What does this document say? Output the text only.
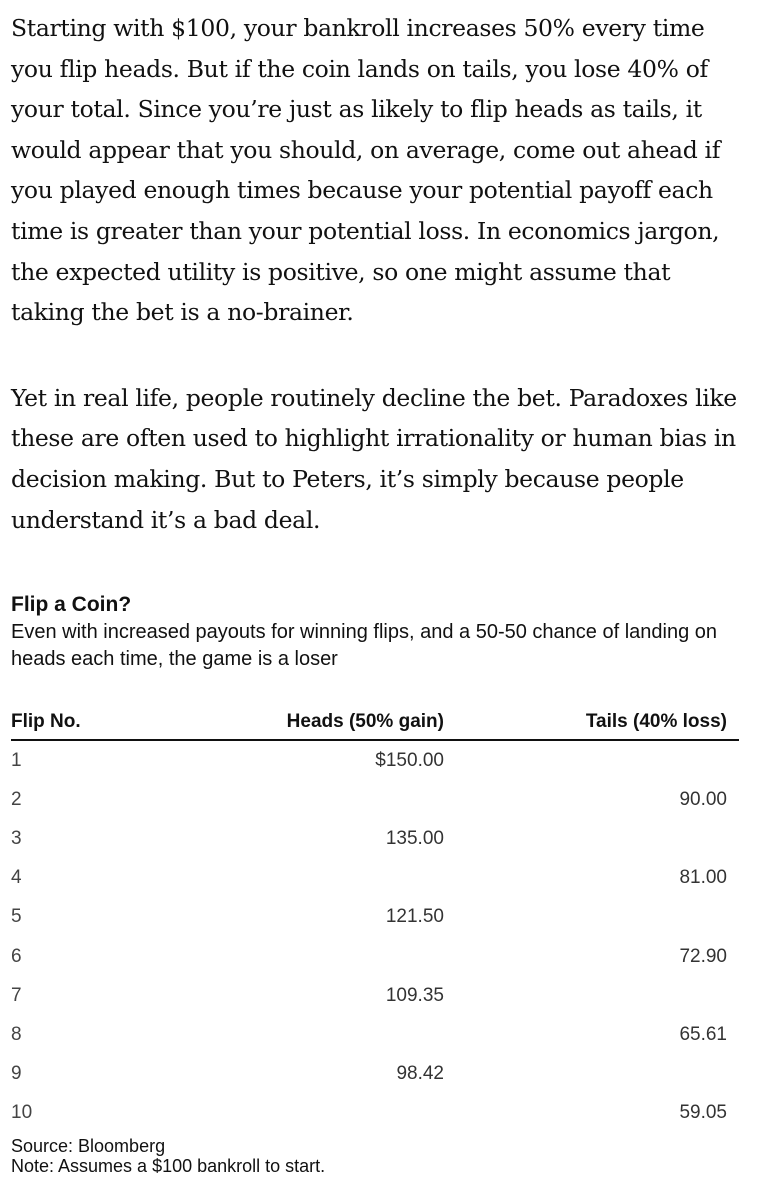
Starting with $100, your bankroll increases 50% every time you flip heads. But if the coin lands on tails, you lose 40% of your total. Since you’re just as likely to flip heads as tails, it would appear that you should, on average, come out ahead if you played enough times because your potential payoff each time is greater than your potential loss. In economics jargon, the expected utility is positive, so one might assume that taking the bet is a no-brainer.

Yet in real life, people routinely decline the bet. Paradoxes like these are often used to highlight irrationality or human bias in decision making. But to Peters, it’s simply because people understand it’s a bad deal.

Flip a Coin?

Even with increased payouts for winning flips, and a 50-50 chance of landing on heads each time, the game is a loser

Flip No.	Heads (50% gain)	Tails (40% loss)
1	$150.00	
2		90.00
3	135.00	
4		81.00
5	121.50	
6		72.90
7	109.35	
8		65.61
9	98.42	
10		59.05
Source: Bloomberg
Note: Assumes a $100 bankroll to start.
